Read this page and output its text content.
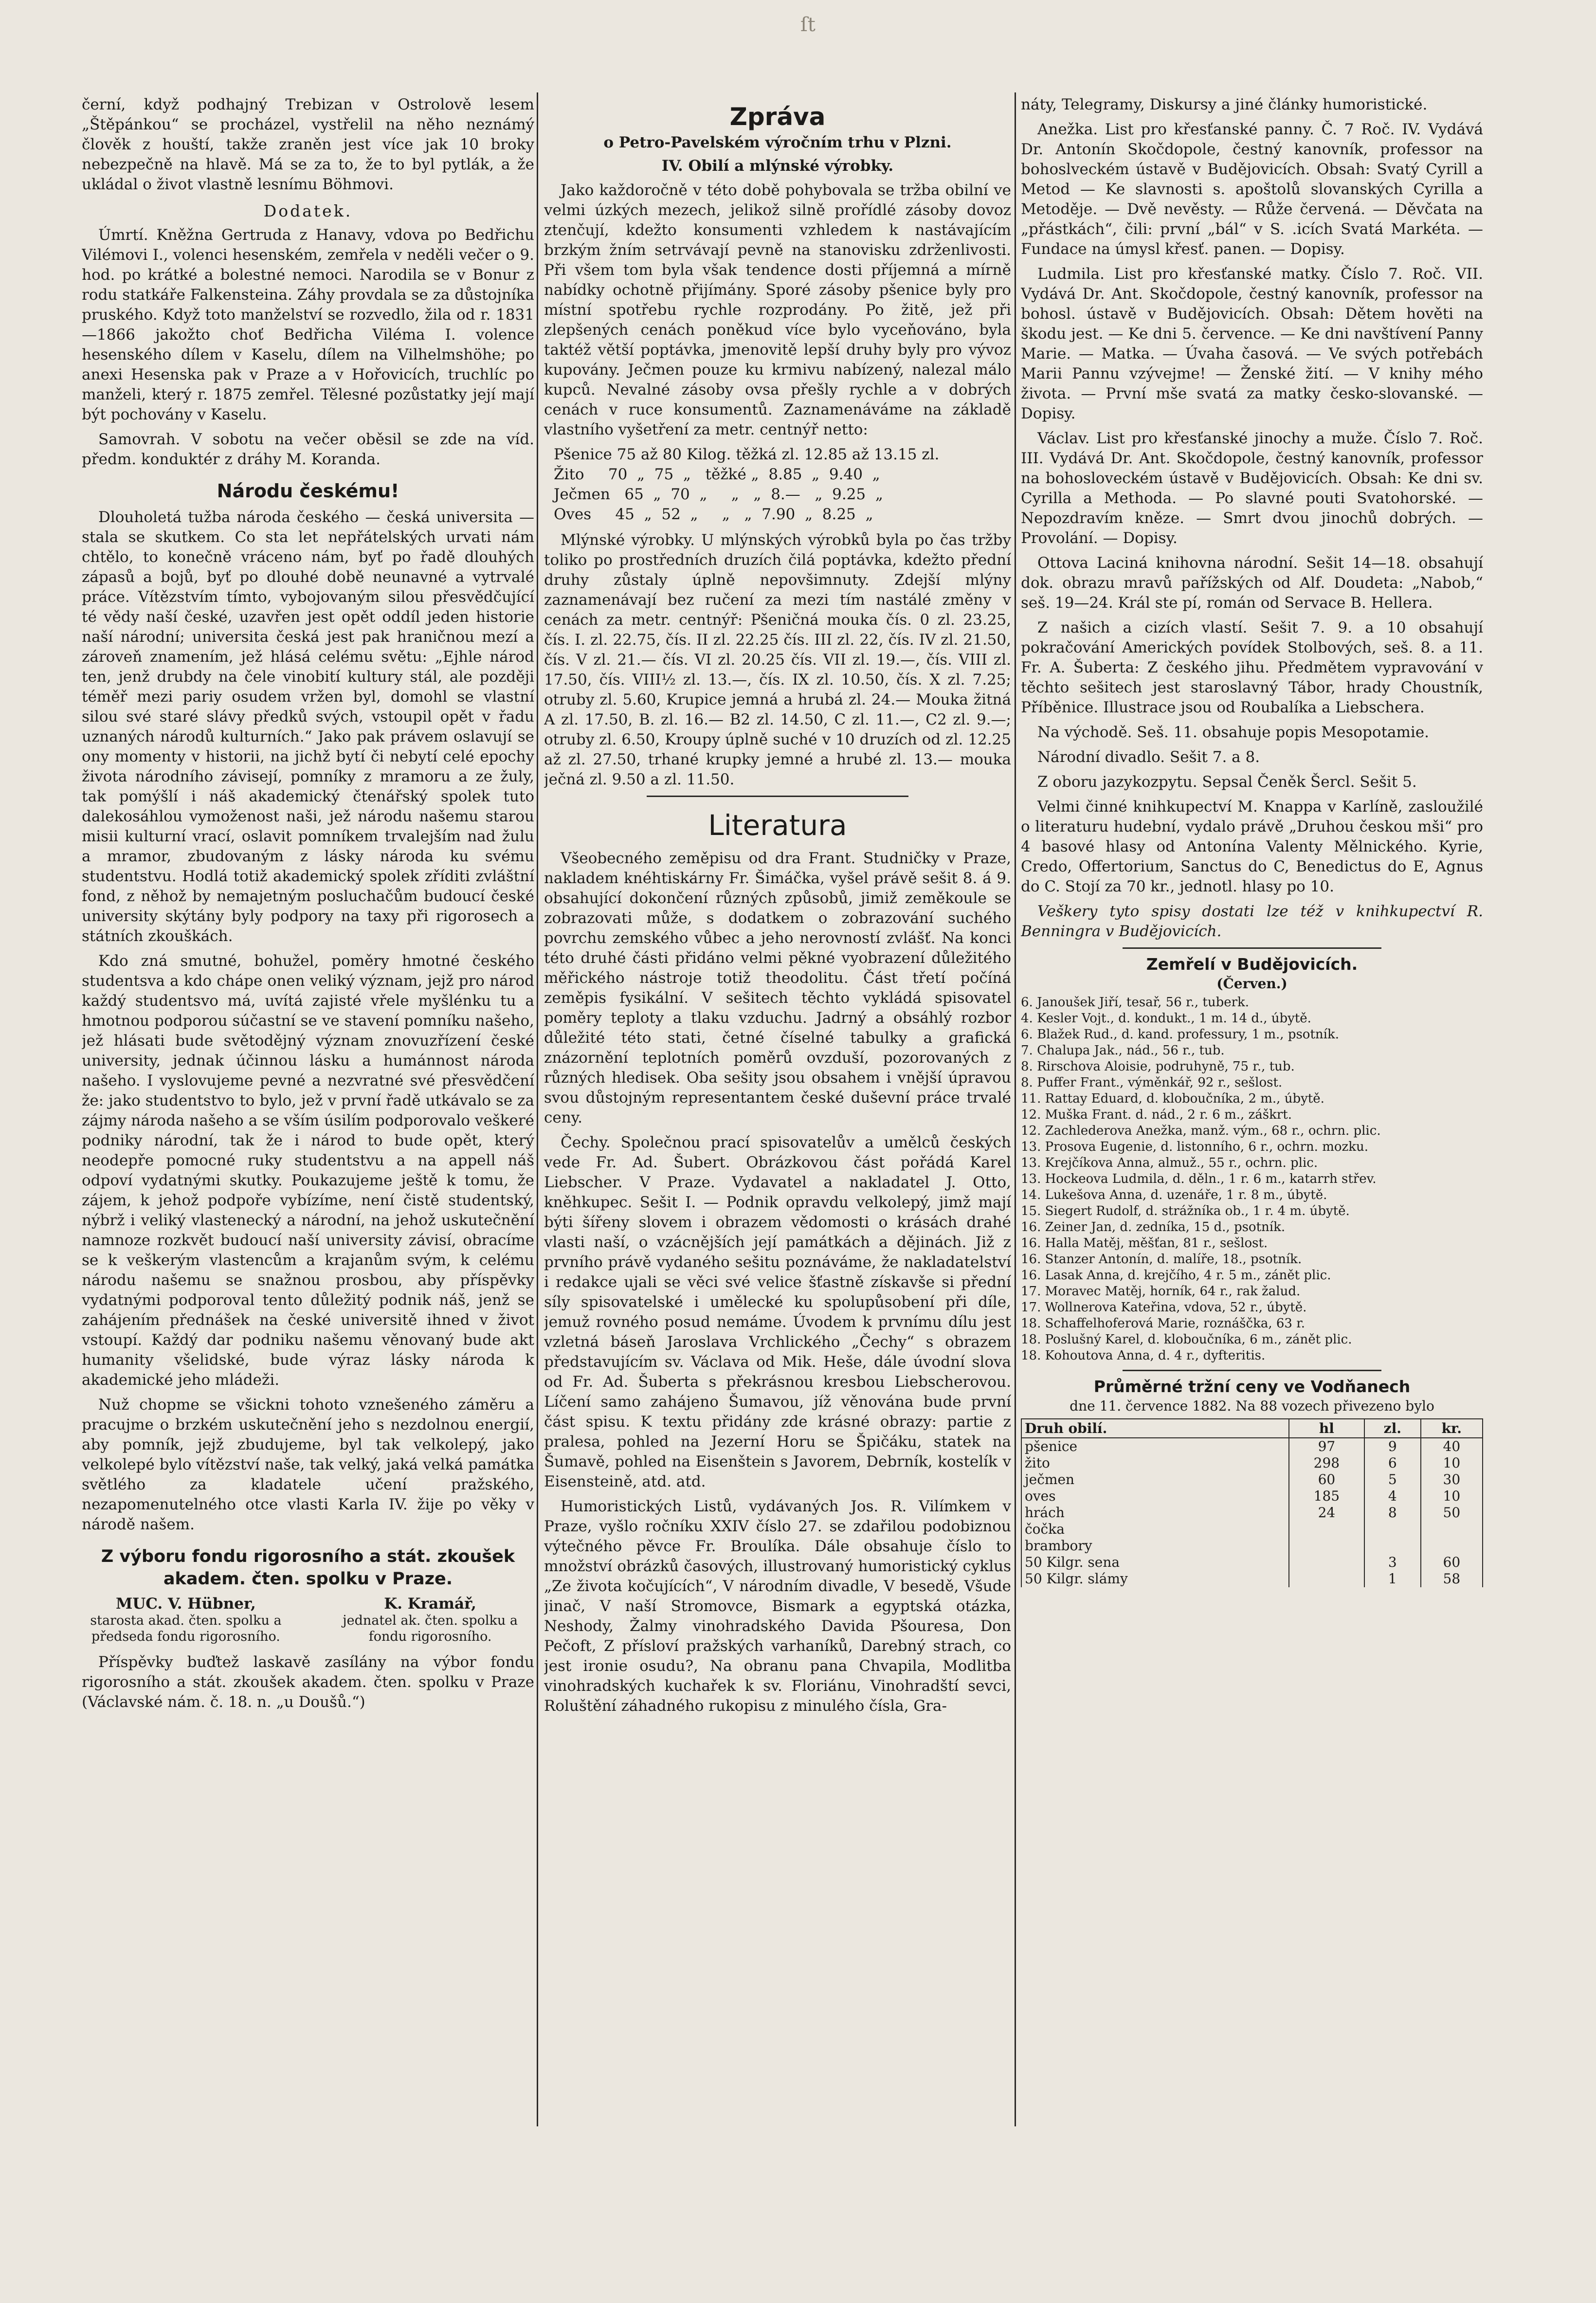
ſt

černí, když podhajný Trebizan v Ostrolově lesem „Štěpánkou“ se procházel, vystřelil na něho neznámý člověk z houští, takže zraněn jest více jak 10 broky nebezpečně na hlavě. Má se za to, že to byl pytlák, a že ukládal o život vlastně lesnímu Böhmovi.

Dodatek.

Úmrtí. Kněžna Gertruda z Hanavy, vdova po Bedřichu Vilémovi I., volenci hesenském, zemřela v neděli večer o 9. hod. po krátké a bolestné nemoci. Narodila se v Bonur z rodu statkáře Falkensteina. Záhy provdala se za důstojníka pruského. Když toto manželství se rozvedlo, žila od r. 1831—1866 jakožto choť Bedřicha Viléma I. volence hesenského dílem v Kaselu, dílem na Vilhelmshöhe; po anexi Hesenska pak v Praze a v Hořovicích, truchlíc po manželi, který r. 1875 zemřel. Tělesné pozůstatky její mají být pochovány v Kaselu.

Samovrah. V sobotu na večer oběsil se zde na víd. předm. konduktér z dráhy M. Koranda.

Národu českému!

Dlouholetá tužba národa českého — česká universita — stala se skutkem. Co sta let nepřátelských urvati nám chtělo, to konečně vráceno nám, byť po řadě dlouhých zápasů a bojů, byť po dlouhé době neunavné a vytrvalé práce. Vítězstvím tímto, vybojovaným silou přesvědčující té vědy naší české, uzavřen jest opět oddíl jeden historie naší národní; universita česká jest pak hraničnou mezí a zároveň znamením, jež hlásá celému světu: „Ejhle národ ten, jenž drubdy na čele vinobití kultury stál, ale později téměř mezi pariy osudem vržen byl, domohl se vlastní silou své staré slávy předků svých, vstoupil opět v řadu uznaných národů kulturních.“ Jako pak právem oslavují se ony momenty v historii, na jichž bytí či nebytí celé epochy života národního závisejí, pomníky z mramoru a ze žuly, tak pomýšlí i náš akademický čtenářský spolek tuto dalekosáhlou vymoženost naši, jež národu našemu starou misii kulturní vrací, oslavit pomníkem trvalejším nad žulu a mramor, zbudovaným z lásky národa ku svému studentstvu. Hodlá totiž akademický spolek zříditi zvláštní fond, z něhož by nemajetným posluchačům budoucí české university skýtány byly podpory na taxy při rigorosech a státních zkouškách.

Kdo zná smutné, bohužel, poměry hmotné českého studentsva a kdo chápe onen veliký význam, jejž pro národ každý studentsvo má, uvítá zajisté vřele myšlénku tu a hmotnou podporou súčastní se ve stavení pomníku našeho, jež hlásati bude světodějný význam znovuzřízení české university, jednak účinnou lásku a humánnost národa našeho. I vyslovujeme pevné a nezvratné své přesvědčení že: jako studentstvo to bylo, jež v první řadě utkávalo se za zájmy národa našeho a se vším úsilím podporovalo veškeré podniky národní, tak že i národ to bude opět, který neodepře pomocné ruky studentstvu a na appell náš odpoví vydatnými skutky. Poukazujeme ještě k tomu, že zájem, k jehož podpoře vybízíme, není čistě studentský, nýbrž i veliký vlastenecký a národní, na jehož uskutečnění namnoze rozkvět budoucí naší university závisí, obracíme se k veškerým vlastencům a krajanům svým, k celému národu našemu se snažnou prosbou, aby příspěvky vydatnými podporoval tento důležitý podnik náš, jenž se zahájením přednášek na české universitě ihned v život vstoupí. Každý dar podniku našemu věnovaný bude akt humanity všelidské, bude výraz lásky národa k akademické jeho mládeži.

Nuž chopme se všickni tohoto vznešeného záměru a pracujme o brzkém uskutečnění jeho s nezdolnou energií, aby pomník, jejž zbudujeme, byl tak velkolepý, jako velkolepé bylo vítězství naše, tak velký, jaká velká památka světlého za kladatele učení pražského, nezapomenutelného otce vlasti Karla IV. žije po věky v národě našem.

Z výboru fondu rigorosního a stát. zkoušek akadem. čten. spolku v Praze.
MUC. V. Hübner,
starosta akad. čten. spolku a předseda fondu rigorosního.
K. Kramář,
jednatel ak. čten. spolku a fondu rigorosního.

Příspěvky buďtež laskavě zasílány na výbor fondu rigorosního a stát. zkoušek akadem. čten. spolku v Praze (Václavské nám. č. 18. n. „u Doušů.“)

Zpráva
o Petro-Pavelském výročním trhu v Plzni.
IV. Obilí a mlýnské výrobky.

Jako každoročně v této době pohybovala se tržba obilní ve velmi úzkých mezech, jelikož silně prořídlé zásoby dovoz ztenčují, kdežto konsumenti vzhledem k nastávajícím brzkým žním setrvávají pevně na stanovisku zdrženlivosti. Při všem tom byla však tendence dosti příjemná a mírně nabídky ochotně přijímány. Sporé zásoby pšenice byly pro místní spotřebu rychle rozprodány. Po žitě, jež při zlepšených cenách poněkud více bylo vyceňováno, byla taktéž větší poptávka, jmenovitě lepší druhy byly pro vývoz kupovány. Ječmen pouze ku krmivu nabízený, nalezal málo kupců. Nevalné zásoby ovsa přešly rychle a v dobrých cenách v ruce konsumentů. Zaznamenáváme na základě vlastního vyšetření za metr. centnýř netto:

Pšenice 75 až 80 Kilog. těžká zl. 12.85 až 13.15 zl.
Žito     70  „  75  „   těžké „  8.85  „  9.40  „
Ječmen   65  „  70  „     „   „  8.—   „  9.25  „
Oves     45  „  52  „     „   „  7.90  „  8.25  „

Mlýnské výrobky. U mlýnských výrobků byla po čas tržby toliko po prostředních druzích čilá poptávka, kdežto přední druhy zůstaly úplně nepovšimnuty. Zdejší mlýny zaznamenávají bez ručení za mezi tím nastálé změny v cenách za metr. centnýř: Pšeničná mouka čís. 0 zl. 23.25, čís. I. zl. 22.75, čís. II zl. 22.25 čís. III zl. 22, čís. IV zl. 21.50, čís. V zl. 21.— čís. VI zl. 20.25 čís. VII zl. 19.—, čís. VIII zl. 17.50, čís. VIII½ zl. 13.—, čís. IX zl. 10.50, čís. X zl. 7.25; otruby zl. 5.60, Krupice jemná a hrubá zl. 24.— Mouka žitná A zl. 17.50, B. zl. 16.— B2 zl. 14.50, C zl. 11.—, C2 zl. 9.—; otruby zl. 6.50, Kroupy úplně suché v 10 druzích od zl. 12.25 až zl. 27.50, trhané krupky jemné a hrubé zl. 13.— mouka ječná zl. 9.50 a zl. 11.50.

Literatura

Všeobecného zeměpisu od dra Frant. Studničky v Praze, nakladem knéhtiskárny Fr. Šimáčka, vyšel právě sešit 8. á 9. obsahující dokončení různých způsobů, jimiž zeměkoule se zobrazovati může, s dodatkem o zobrazování suchého povrchu zemského vůbec a jeho nerovností zvlášť. Na konci této druhé části přidáno velmi pěkné vyobrazení důležitého měřického nástroje totiž theodolitu. Část třetí počíná zeměpis fysikální. V sešitech těchto vykládá spisovatel poměry teploty a tlaku vzduchu. Jadrný a obsáhlý rozbor důležité této stati, četné číselné tabulky a grafická znázornění teplotních poměrů ovzduší, pozorovaných z různých hledisek. Oba sešity jsou obsahem i vnější úpravou svou důstojným representantem české duševní práce trvalé ceny.

Čechy. Společnou prací spisovatelův a umělců českých vede Fr. Ad. Šubert. Obrázkovou část pořádá Karel Liebscher. V Praze. Vydavatel a nakladatel J. Otto, kněhkupec. Sešit I. — Podnik opravdu velkolepý, jimž mají býti šířeny slovem i obrazem vědomosti o krásách drahé vlasti naší, o vzácnějších její památkách a dějinách. Již z prvního právě vydaného sešitu poznáváme, že nakladatelství i redakce ujali se věci své velice šťastně získavše si přední síly spisovatelské i umělecké ku spolupůsobení při díle, jemuž rovného posud nemáme. Úvodem k prvnímu dílu jest vzletná báseň Jaroslava Vrchlického „Čechy“ s obrazem představujícím sv. Václava od Mik. Heše, dále úvodní slova od Fr. Ad. Šuberta s překrásnou kresbou Liebscherovou. Líčení samo zahájeno Šumavou, jíž věnována bude první část spisu. K textu přidány zde krásné obrazy: partie z pralesa, pohled na Jezerní Horu se Špičáku, statek na Šumavě, pohled na Eisenštein s Javorem, Debrník, kostelík v Eisensteině, atd. atd.

Humoristických Listů, vydávaných Jos. R. Vilímkem v Praze, vyšlo ročníku XXIV číslo 27. se zdařilou podobiznou výtečného pěvce Fr. Broulíka. Dále obsahuje číslo to množství obrázků časových, illustrovaný humoristický cyklus „Ze života kočujících“, V národním divadle, V besedě, Všude jinač, V naší Stromovce, Bismark a egyptská otázka, Neshody, Žalmy vinohradského Davida Pšouresa, Don Pečoft, Z přísloví pražských varhaníků, Darebný strach, co jest ironie osudu?, Na obranu pana Chvapila, Modlitba vinohradských kuchařek k sv. Floriánu, Vinohradští sevci, Roluštění záhadného rukopisu z minulého čísla, Gra-

náty, Telegramy, Diskursy a jiné články humoristické.

Anežka. List pro křesťanské panny. Č. 7 Roč. IV. Vydává Dr. Antonín Skočdopole, čestný kanovník, professor na bohoslveckém ústavě v Budějovicích. Obsah: Svatý Cyrill a Metod — Ke slavnosti s. apoštolů slovanských Cyrilla a Metoděje. — Dvě nevěsty. — Růže červená. — Děvčata na „přástkách“, čili: první „bál“ v S. .icích Svatá Markéta. — Fundace na úmysl křesť. panen. — Dopisy.

Ludmila. List pro křesťanské matky. Číslo 7. Roč. VII. Vydává Dr. Ant. Skočdopole, čestný kanovník, professor na bohosl. ústavě v Budějovicích. Obsah: Dětem hověti na škodu jest. — Ke dni 5. července. — Ke dni navštívení Panny Marie. — Matka. — Úvaha časová. — Ve svých potřebách Marii Pannu vzývejme! — Ženské žití. — V knihy mého života. — První mše svatá za matky česko-slovanské. — Dopisy.

Václav. List pro křesťanské jinochy a muže. Číslo 7. Roč. III. Vydává Dr. Ant. Skočdopole, čestný kanovník, professor na bohosloveckém ústavě v Budějovicích. Obsah: Ke dni sv. Cyrilla a Methoda. — Po slavné pouti Svatohorské. — Nepozdravím kněze. — Smrt dvou jinochů dobrých. — Provolání. — Dopisy.

Ottova Laciná knihovna národní. Sešit 14—18. obsahují dok. obrazu mravů pařížských od Alf. Doudeta: „Nabob,“ seš. 19—24. Král ste pí, román od Servace B. Hellera.

Z našich a cizích vlastí. Sešit 7. 9. a 10 obsahují pokračování Amerických povídek Stolbových, seš. 8. a 11. Fr. A. Šuberta: Z českého jihu. Předmětem vypravování v těchto sešitech jest staroslavný Tábor, hrady Choustník, Příběnice. Illustrace jsou od Roubalíka a Liebschera.

Na východě. Seš. 11. obsahuje popis Mesopotamie.

Národní divadlo. Sešit 7. a 8.

Z oboru jazykozpytu. Sepsal Čeněk Šercl. Sešit 5.

Velmi činné knihkupectví M. Knappa v Karlíně, zasloužilé o literaturu hudební, vydalo právě „Druhou českou mši“ pro 4 basové hlasy od Antonína Valenty Mělnického. Kyrie, Credo, Offertorium, Sanctus do C, Benedictus do E, Agnus do C. Stojí za 70 kr., jednotl. hlasy po 10.

Veškery tyto spisy dostati lze též v knihkupectví R. Benningra v Budějovicích.

Zemřelí v Budějovicích.
(Červen.)
6. Janoušek Jiří, tesař, 56 r., tuberk.
4. Kesler Vojt., d. kondukt., 1 m. 14 d., úbytě.
6. Blažek Rud., d. kand. professury, 1 m., psotník.
7. Chalupa Jak., nád., 56 r., tub.
8. Rirschova Aloisie, podruhyně, 75 r., tub.
8. Puffer Frant., výměnkář, 92 r., sešlost.
11. Rattay Eduard, d. kloboučníka, 2 m., úbytě.
12. Muška Frant. d. nád., 2 r. 6 m., záškrt.
12. Zachlederova Anežka, manž. vým., 68 r., ochrn. plic.
13. Prosova Eugenie, d. listonního, 6 r., ochrn. mozku.
13. Krejčíkova Anna, almuž., 55 r., ochrn. plic.
13. Hockeova Ludmila, d. děln., 1 r. 6 m., katarrh střev.
14. Lukešova Anna, d. uzenáře, 1 r. 8 m., úbytě.
15. Siegert Rudolf, d. strážníka ob., 1 r. 4 m. úbytě.
16. Zeiner Jan, d. zedníka, 15 d., psotník.
16. Halla Matěj, měšťan, 81 r., sešlost.
16. Stanzer Antonín, d. malíře, 18., psotník.
16. Lasak Anna, d. krejčího, 4 r. 5 m., zánět plic.
17. Moravec Matěj, horník, 64 r., rak žalud.
17. Wollnerova Kateřina, vdova, 52 r., úbytě.
18. Schaffelhoferová Marie, roznáščka, 63 r.
18. Poslušný Karel, d. kloboučníka, 6 m., zánět plic.
18. Kohoutova Anna, d. 4 r., dyfteritis.
Průměrné tržní ceny ve Vodňanech
dne 11. července 1882. Na 88 vozech přivezeno bylo
Druh obilí.	hl	zl.	kr.
pšenice	97	9	40
žito	298	6	10
ječmen	60	5	30
oves	185	4	10
hrách	24	8	50
čočka			
brambory			
50 Kilgr. sena		3	60
50 Kilgr. slámy		1	58
